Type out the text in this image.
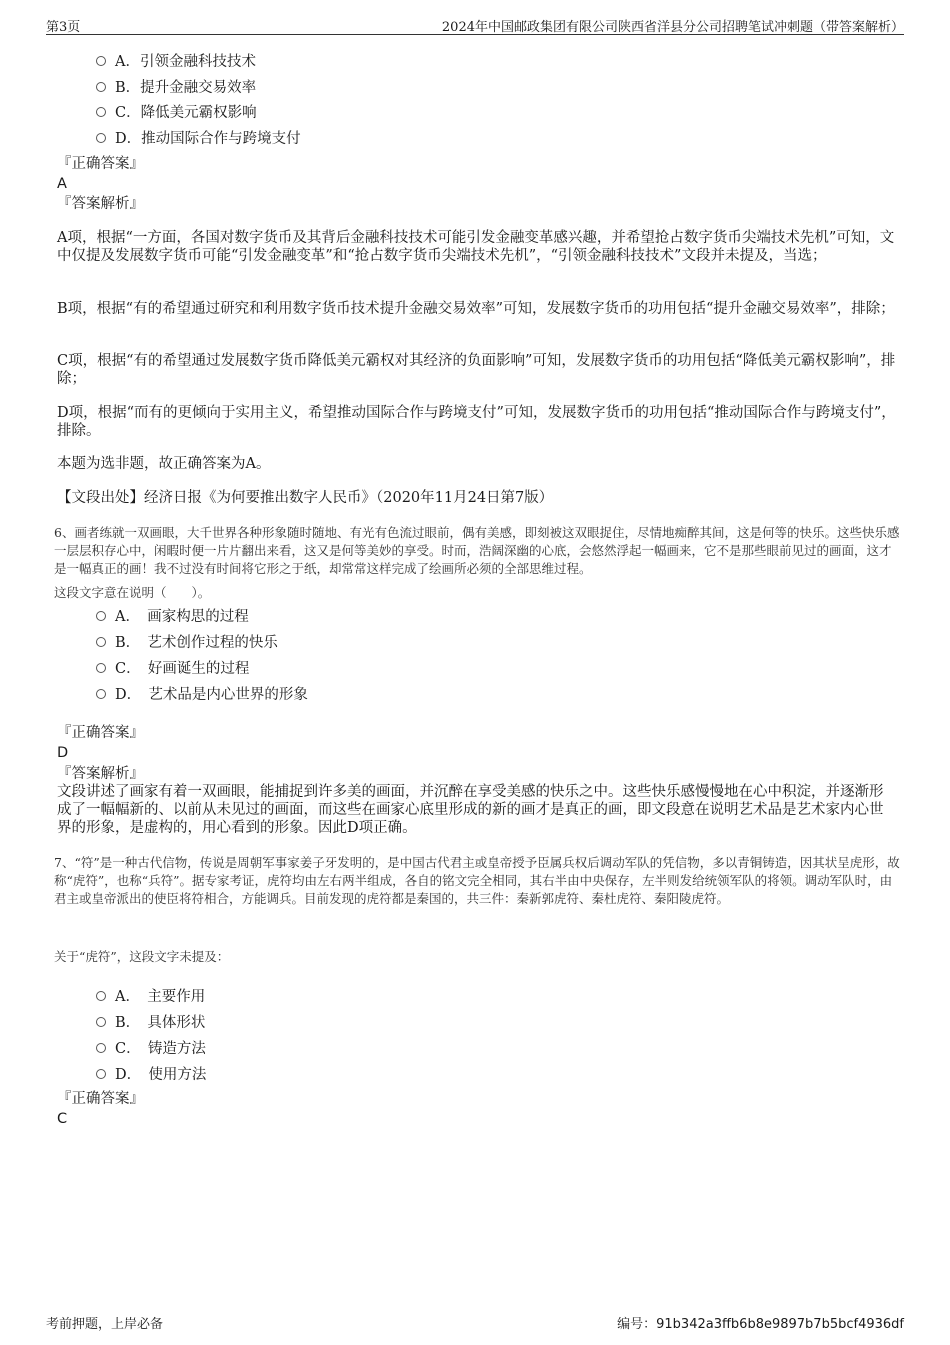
第3页	2024年中国邮政集团有限公司陕西省洋县分公司招聘笔试冲刺题（带答案解析）
A．引领金融科技技术
B．提升金融交易效率
C．降低美元霸权影响
D．推动国际合作与跨境支付
『正确答案』
A
『答案解析』
A项，根据“一方面，各国对数字货币及其背后金融科技技术可能引发金融变革感兴趣，并希望抢占数字货币尖端技术先机”可知，文中仅提及发展数字货币可能“引发金融变革”和“抢占数字货币尖端技术先机”，“引领金融科技技术”文段并未提及，当选；
B项，根据“有的希望通过研究和利用数字货币技术提升金融交易效率”可知，发展数字货币的功用包括“提升金融交易效率”，排除；
C项，根据“有的希望通过发展数字货币降低美元霸权对其经济的负面影响”可知，发展数字货币的功用包括“降低美元霸权影响”，排除；
D项，根据“而有的更倾向于实用主义，希望推动国际合作与跨境支付”可知，发展数字货币的功用包括“推动国际合作与跨境支付”，排除。
本题为选非题，故正确答案为A。
【文段出处】经济日报《为何要推出数字人民币》（2020年11月24日第7版）
6、画者练就一双画眼，大千世界各种形象随时随地、有光有色流过眼前，偶有美感，即刻被这双眼捉住，尽情地痴醉其间，这是何等的快乐。这些快乐感一层层积存心中，闲暇时便一片片翻出来看，这又是何等美妙的享受。时而，浩阔深幽的心底，会悠然浮起一幅画来，它不是那些眼前见过的画面，这才是一幅真正的画！我不过没有时间将它形之于纸，却常常这样完成了绘画所必须的全部思维过程。
这段文字意在说明（　　）。
A．　画家构思的过程
B．　艺术创作过程的快乐
C．　好画诞生的过程
D．　艺术品是内心世界的形象
『正确答案』
D
『答案解析』
文段讲述了画家有着一双画眼，能捕捉到许多美的画面，并沉醉在享受美感的快乐之中。这些快乐感慢慢地在心中积淀，并逐渐形成了一幅幅新的、以前从未见过的画面，而这些在画家心底里形成的新的画才是真正的画，即文段意在说明艺术品是艺术家内心世界的形象，是虚构的，用心看到的形象。因此D项正确。
7、“符”是一种古代信物，传说是周朝军事家姜子牙发明的，是中国古代君主或皇帝授予臣属兵权后调动军队的凭信物，多以青铜铸造，因其状呈虎形，故称“虎符”，也称“兵符”。据专家考证，虎符均由左右两半组成，各自的铭文完全相同，其右半由中央保存，左半则发给统领军队的将领。调动军队时，由君主或皇帝派出的使臣将符相合，方能调兵。目前发现的虎符都是秦国的，共三件：秦新郭虎符、秦杜虎符、秦阳陵虎符。
关于“虎符”，这段文字未提及：
A．　主要作用
B．　具体形状
C．　铸造方法
D．　使用方法
『正确答案』
C
考前押题，上岸必备	编号：91b342a3ffb6b8e9897b7b5bcf4936df
